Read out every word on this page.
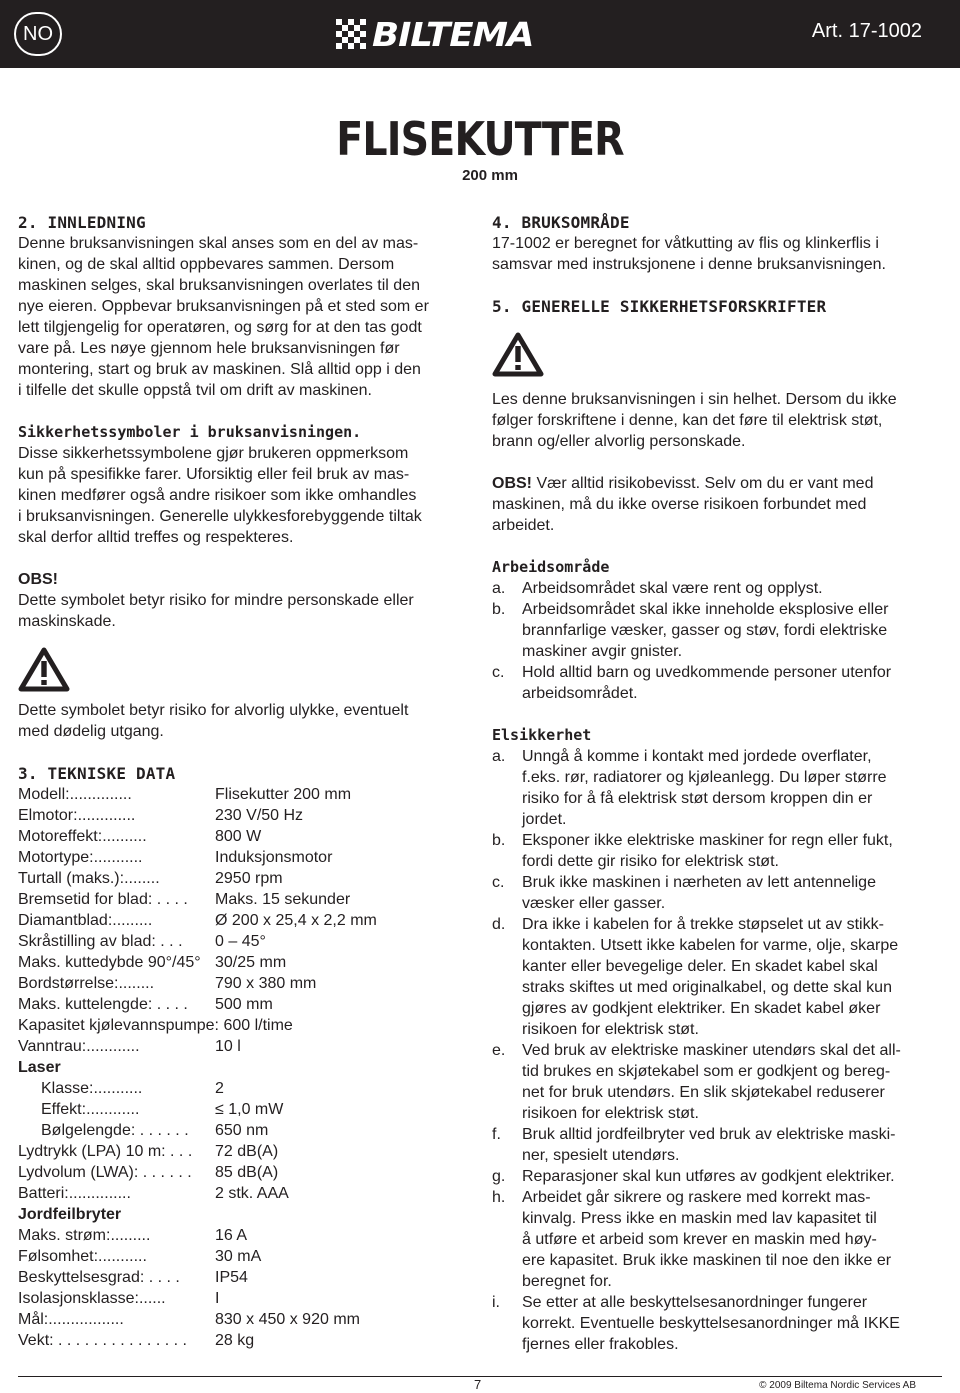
NO	BILTEMA	Art. 17-1002
FLISEKUTTER
200 mm

2. INNLEDNING

Denne bruksanvisningen skal anses som en del av mas-

kinen, og de skal alltid oppbevares sammen. Dersom

maskinen selges, skal bruksanvisningen overlates til den

nye eieren. Oppbevar bruksanvisningen på et sted som er

lett tilgjengelig for operatøren, og sørg for at den tas godt

vare på. Les nøye gjennom hele bruksanvisningen før

montering, start og bruk av maskinen. Slå alltid opp i den

i tilfelle det skulle oppstå tvil om drift av maskinen.

Sikkerhetssymboler i bruksanvisningen.

Disse sikkerhetssymbolene gjør brukeren oppmerksom

kun på spesifikke farer. Uforsiktig eller feil bruk av mas-

kinen medfører også andre risikoer som ikke omhandles

i bruksanvisningen. Generelle ulykkesforebyggende tiltak

skal derfor alltid treffes og respekteres.

OBS!

Dette symbolet betyr risiko for mindre personskade eller

maskinskade.

Dette symbolet betyr risiko for alvorlig ulykke, eventuelt

med dødelig utgang.

3. TEKNISKE DATA

Modell:..............	Flisekutter 200 mm
Elmotor:.............	230 V/50 Hz
Motoreffekt:..........	800 W
Motortype:...........	Induksjonsmotor
Turtall (maks.):........	2950 rpm
Bremsetid for blad: . . . .	Maks. 15 sekunder
Diamantblad:.........	Ø 200 x 25,4 x 2,2 mm
Skråstilling av blad: . . .	0 – 45°
Maks. kuttedybde 90°/45° 30/25 mm
Bordstørrelse:........	790 x 380 mm
Maks. kuttelengde: . . . .	500 mm

Kapasitet kjølevannspumpe: 600 l/time

Vanntrau:............	10 l

Laser

Klasse:...........	2
Effekt:............	≤ 1,0 mW
Bølgelengde: . . . . . .	650 nm
Lydtrykk (LPA) 10 m: . . .	72 dB(A)
Lydvolum (LWA): . . . . . .	85 dB(A)
Batteri:..............	2 stk. AAA

Jordfeilbryter

Maks. strøm:.........	16 A
Følsomhet:...........	30 mA
Beskyttelsesgrad: . . . .	IP54
Isolasjonsklasse:......	I
Mål:.................	830 x 450 x 920 mm
Vekt: . . . . . . . . . . . . . . .	28 kg

4. BRUKSOMRÅDE

17-1002 er beregnet for våtkutting av flis og klinkerflis i

samsvar med instruksjonene i denne bruksanvisningen.

5. GENERELLE SIKKERHETSFORSKRIFTER

Les denne bruksanvisningen i sin helhet. Dersom du ikke

følger forskriftene i denne, kan det føre til elektrisk støt,

brann og/eller alvorlig personskade.

OBS! Vær alltid risikobevisst. Selv om du er vant med

maskinen, må du ikke overse risikoen forbundet med

arbeidet.

Arbeidsområde

a.	Arbeidsområdet skal være rent og opplyst.
b.	Arbeidsområdet skal ikke inneholde eksplosive eller
brannfarlige væsker, gasser og støv, fordi elektriske
maskiner avgir gnister.
c.	Hold alltid barn og uvedkommende personer utenfor
arbeidsområdet.

Elsikkerhet

a.	Unngå å komme i kontakt med jordede overflater,
f.eks. rør, radiatorer og kjøleanlegg. Du løper større
risiko for å få elektrisk støt dersom kroppen din er
jordet.
b.	Eksponer ikke elektriske maskiner for regn eller fukt,
fordi dette gir risiko for elektrisk støt.
c.	Bruk ikke maskinen i nærheten av lett antennelige
væsker eller gasser.
d.	Dra ikke i kabelen for å trekke støpselet ut av stikk-
kontakten. Utsett ikke kabelen for varme, olje, skarpe
kanter eller bevegelige deler. En skadet kabel skal
straks skiftes ut med originalkabel, og dette skal kun
gjøres av godkjent elektriker. En skadet kabel øker
risikoen for elektrisk støt.
e.	Ved bruk av elektriske maskiner utendørs skal det all-
tid brukes en skjøtekabel som er godkjent og bereg-
net for bruk utendørs. En slik skjøtekabel reduserer
risikoen for elektrisk støt.
f.	Bruk alltid jordfeilbryter ved bruk av elektriske maski-
ner, spesielt utendørs.
g.	Reparasjoner skal kun utføres av godkjent elektriker.
h.	Arbeidet går sikrere og raskere med korrekt mas-
kinvalg. Press ikke en maskin med lav kapasitet til
å utføre et arbeid som krever en maskin med høy-
ere kapasitet. Bruk ikke maskinen til noe den ikke er
beregnet for.
i.	Se etter at alle beskyttelsesanordninger fungerer
korrekt. Eventuelle beskyttelsesanordninger må IKKE
fjernes eller frakobles.
7	© 2009 Biltema Nordic Services AB
